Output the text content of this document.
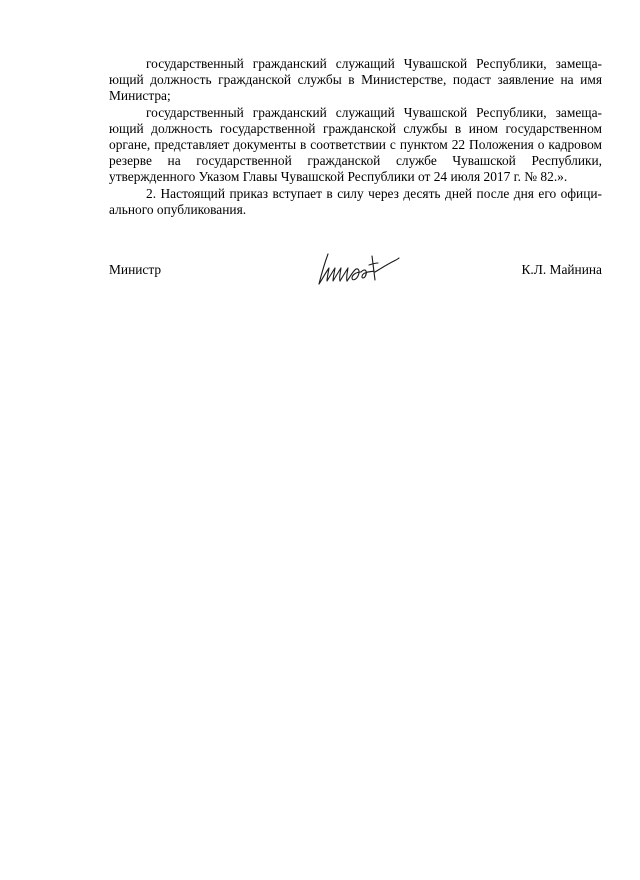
государственный гражданский служащий Чувашской Республики, замещающий должность гражданской службы в Министерстве, подаст заявление на имя Министра;

государственный гражданский служащий Чувашской Республики, замещающий должность государственной гражданской службы в ином государственном органе, представляет документы в соответствии с пунктом 22 Положения о кадровом резерве на государственной гражданской службе Чувашской Республики, утвержденного Указом Главы Чувашской Республики от 24 июля 2017 г. № 82.».

2. Настоящий приказ вступает в силу через десять дней после дня его официального опубликования.

Министр	К.Л. Майнина
